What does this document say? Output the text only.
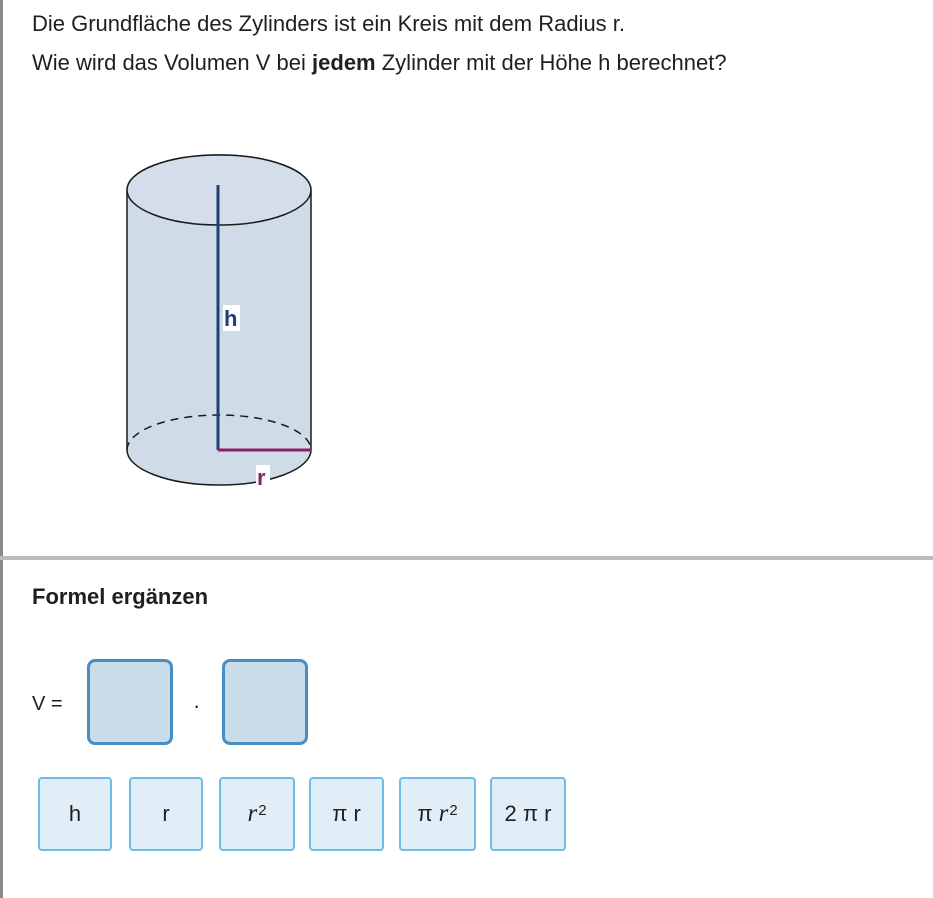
Die Grundfläche des Zylinders ist ein Kreis mit dem Radius r.
Wie wird das Volumen V bei jedem Zylinder mit der Höhe h berechnet?
h
r
Formel ergänzen
V =	·
h	r	$r^2$	π r	π $r^2$ 2 π r
